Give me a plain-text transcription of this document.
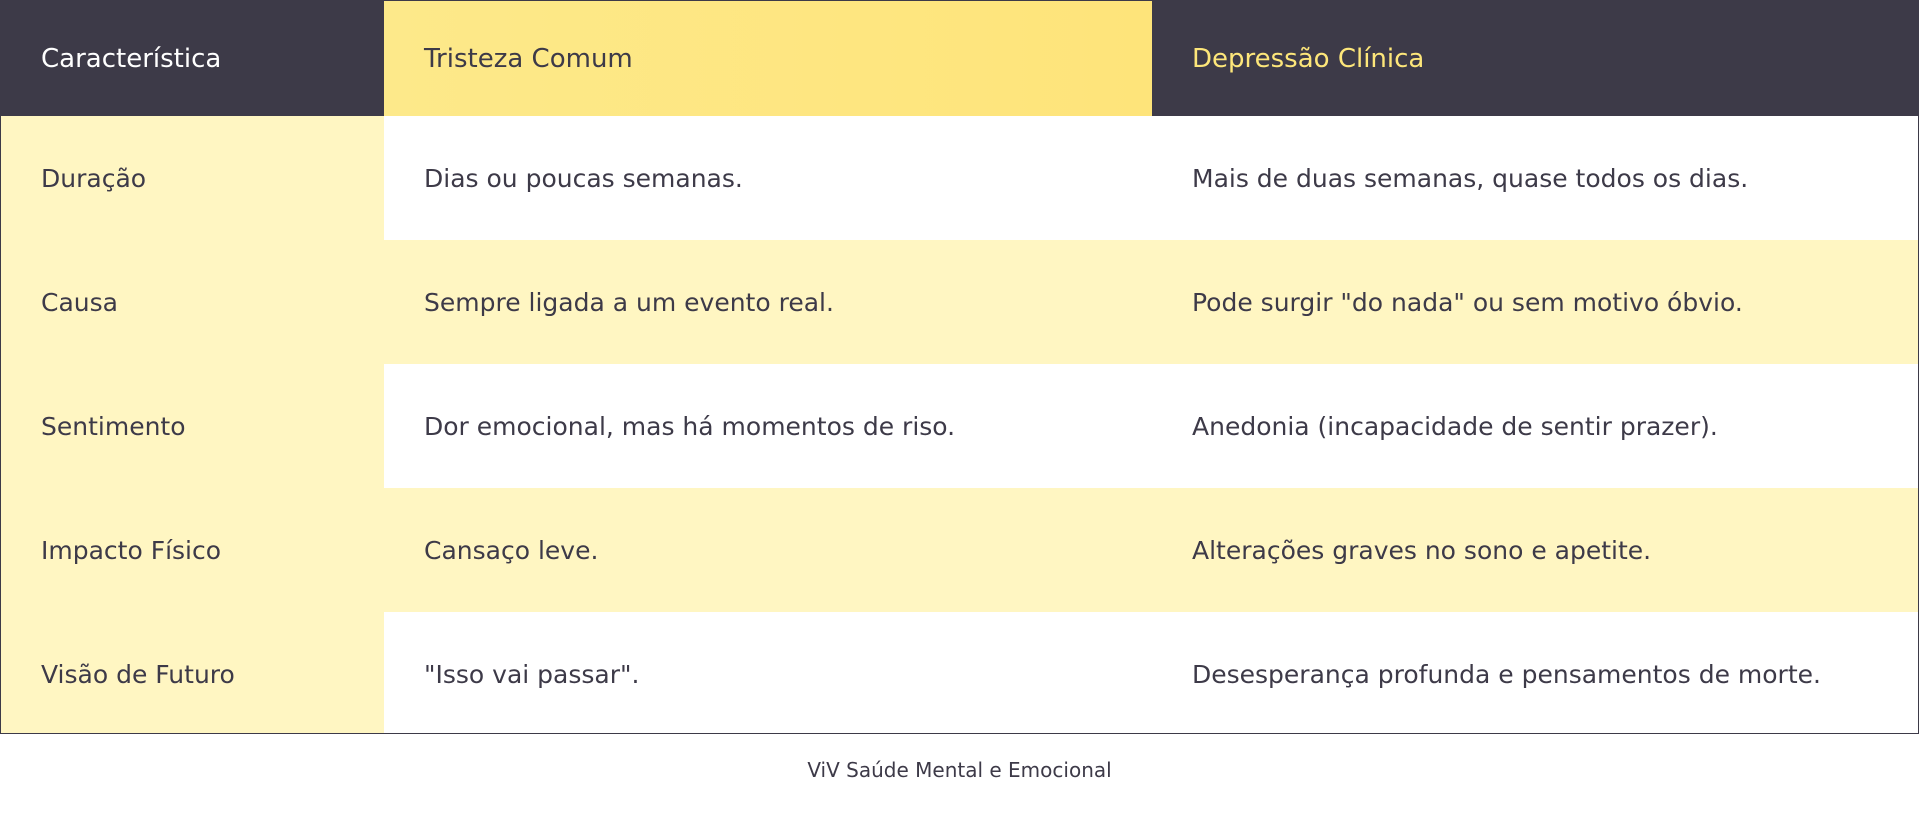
Característica	Tristeza Comum	Depressão Clínica
Duração	Dias ou poucas semanas.	Mais de duas semanas, quase todos os dias.
Causa	Sempre ligada a um evento real.	Pode surgir "do nada" ou sem motivo óbvio.
Sentimento	Dor emocional, mas há momentos de riso.	Anedonia (incapacidade de sentir prazer).
Impacto Físico	Cansaço leve.	Alterações graves no sono e apetite.
Visão de Futuro	"Isso vai passar".	Desesperança profunda e pensamentos de morte.
ViV Saúde Mental e Emocional
